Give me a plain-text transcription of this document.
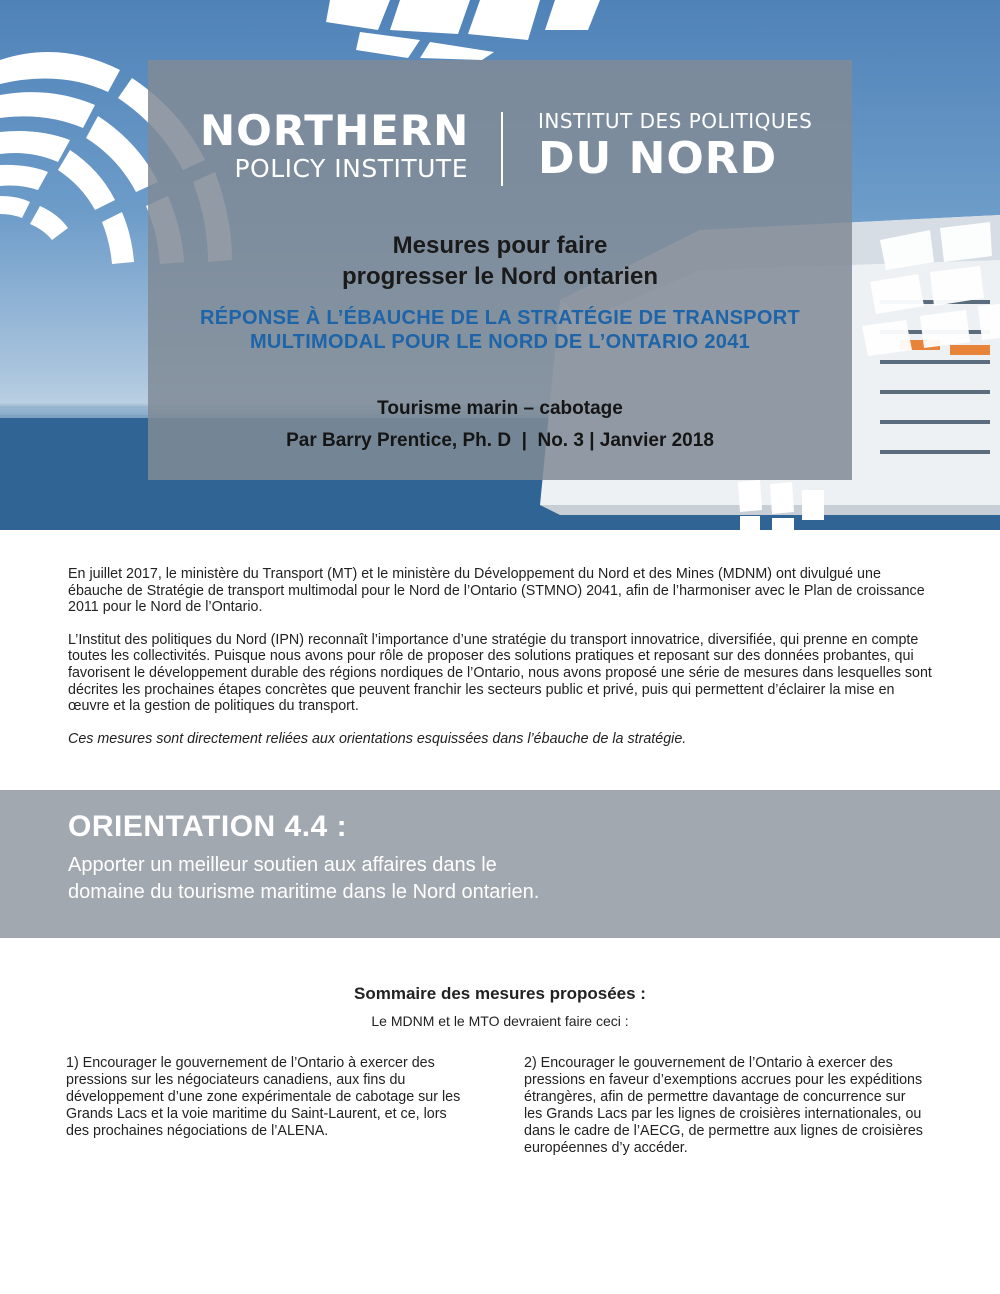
NORTHERN
POLICY INSTITUTE
INSTITUT DES POLITIQUES
DU NORD
Mesures pour faire
progresser le Nord ontarien
RÉPONSE À L’ÉBAUCHE DE LA STRATÉGIE DE TRANSPORT
MULTIMODAL POUR LE NORD DE L’ONTARIO 2041
Tourisme marin – cabotage
Par Barry Prentice, Ph. D  |  No. 3 | Janvier 2018

En juillet 2017, le ministère du Transport (MT) et le ministère du Développement du Nord et des Mines (MDNM) ont divulgué une ébauche de Stratégie de transport multimodal pour le Nord de l’Ontario (STMNO) 2041, afin de l’harmoniser avec le Plan de croissance 2011 pour le Nord de l’Ontario.

L’Institut des politiques du Nord (IPN) reconnaît l’importance d’une stratégie du transport innovatrice, diversifiée, qui prenne en compte toutes les collectivités. Puisque nous avons pour rôle de proposer des solutions pratiques et reposant sur des données probantes, qui favorisent le développement durable des régions nordiques de l’Ontario, nous avons proposé une série de mesures dans lesquelles sont décrites les prochaines étapes concrètes que peuvent franchir les secteurs public et privé, puis qui permettent d’éclairer la mise en œuvre et la gestion de politiques du transport.

Ces mesures sont directement reliées aux orientations esquissées dans l’ébauche de la stratégie.

ORIENTATION 4.4 :
Apporter un meilleur soutien aux affaires dans le
domaine du tourisme maritime dans le Nord ontarien.
Sommaire des mesures proposées :
Le MDNM et le MTO devraient faire ceci :
1) Encourager le gouvernement de l’Ontario à exercer des pressions sur les négociateurs canadiens, aux fins du développement d’une zone expérimentale de cabotage sur les Grands Lacs et la voie maritime du Saint-Laurent, et ce, lors des prochaines négociations de l’ALENA.
2) Encourager le gouvernement de l’Ontario à exercer des pressions en faveur d’exemptions accrues pour les expéditions étrangères, afin de permettre davantage de concurrence sur les Grands Lacs par les lignes de croisières internationales, ou dans le cadre de l’AECG, de permettre aux lignes de croisières européennes d’y accéder.
